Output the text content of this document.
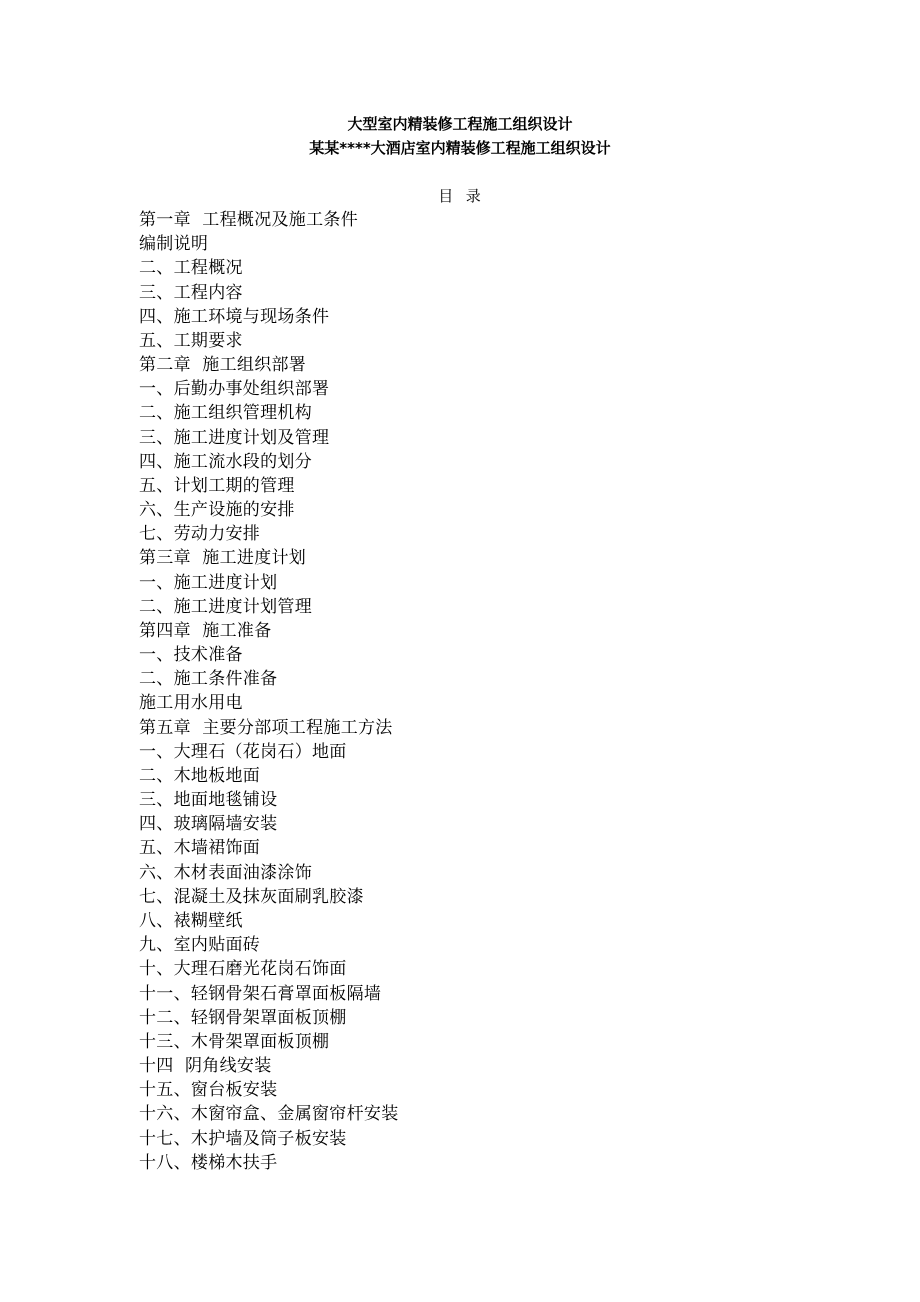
大型室内精装修工程施工组织设计
某某****大酒店室内精装修工程施工组织设计
目  录
第一章  工程概况及施工条件
编制说明
二、工程概况
三、工程内容
四、施工环境与现场条件
五、工期要求
第二章  施工组织部署
一、后勤办事处组织部署
二、施工组织管理机构
三、施工进度计划及管理
四、施工流水段的划分
五、计划工期的管理
六、生产设施的安排
七、劳动力安排
第三章  施工进度计划
一、施工进度计划
二、施工进度计划管理
第四章  施工准备
一、技术准备
二、施工条件准备
施工用水用电
第五章  主要分部项工程施工方法
一、大理石（花岗石）地面
二、木地板地面
三、地面地毯铺设
四、玻璃隔墙安装
五、木墙裙饰面
六、木材表面油漆涂饰
七、混凝土及抹灰面刷乳胶漆
八、裱糊壁纸
九、室内贴面砖
十、大理石磨光花岗石饰面
十一、轻钢骨架石膏罩面板隔墙
十二、轻钢骨架罩面板顶棚
十三、木骨架罩面板顶棚
十四  阴角线安装
十五、窗台板安装
十六、木窗帘盒、金属窗帘杆安装
十七、木护墙及筒子板安装
十八、楼梯木扶手
